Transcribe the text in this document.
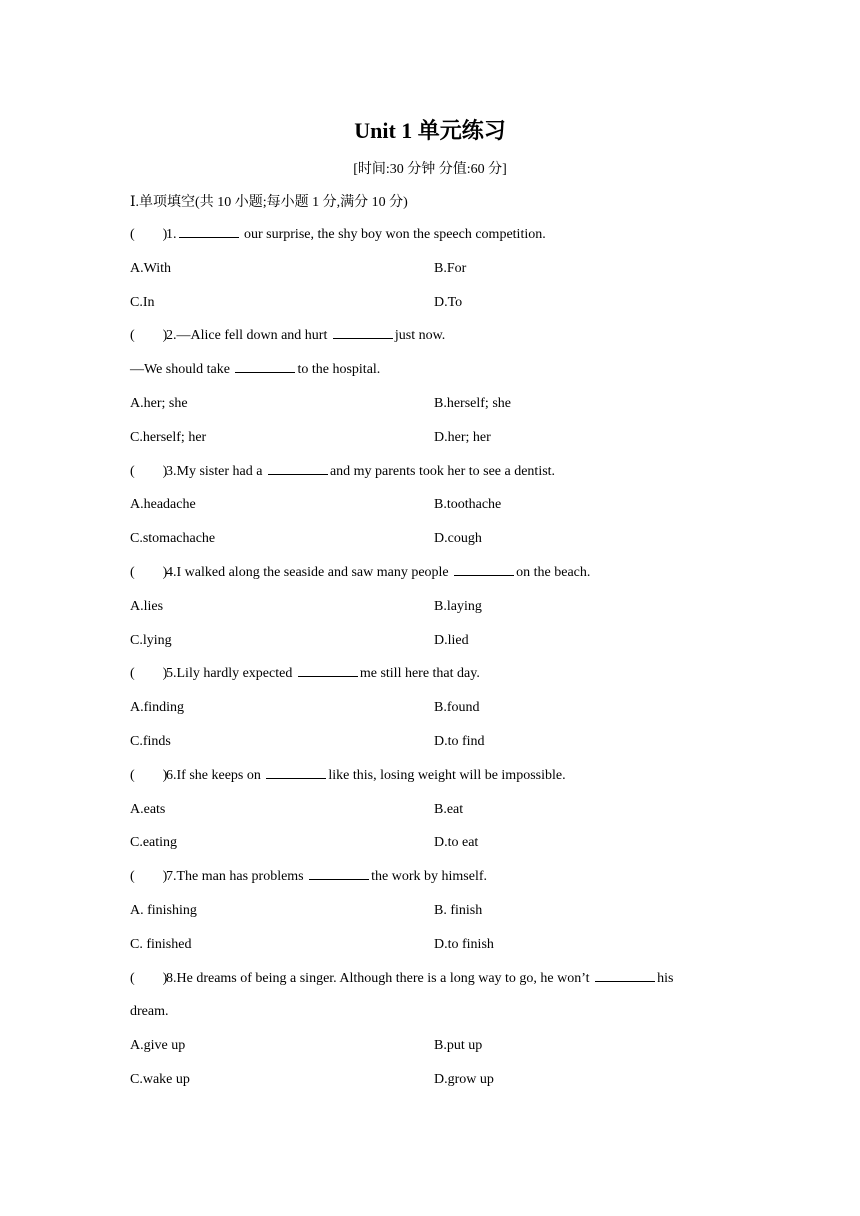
Unit 1 单元练习
[时间:30 分钟 分值:60 分]
Ⅰ.单项填空(共 10 小题;每小题 1 分,满分 10 分)
( )1.	our surprise, the shy boy won the speech competition.
A.With	B.For
C.In	D.To
( )2.—Alice fell down and hurt	just now.
—We should take	to the hospital.
A.her; she	B.herself; she
C.herself; her	D.her; her
( )3.My sister had a	and my parents took her to see a dentist.
A.headache	B.toothache
C.stomachache	D.cough
( )4.I walked along the seaside and saw many people	on the beach.
A.lies	B.laying
C.lying	D.lied
( )5.Lily hardly expected	me still here that day.
A.finding	B.found
C.finds	D.to find
( )6.If she keeps on	like this, losing weight will be impossible.
A.eats	B.eat
C.eating	D.to eat
( )7.The man has problems	the work by himself.
A. finishing	B. finish
C. finished	D.to finish
( )8.He dreams of being a singer. Although there is a long way to go, he won’t	his
dream.
A.give up	B.put up
C.wake up	D.grow up
